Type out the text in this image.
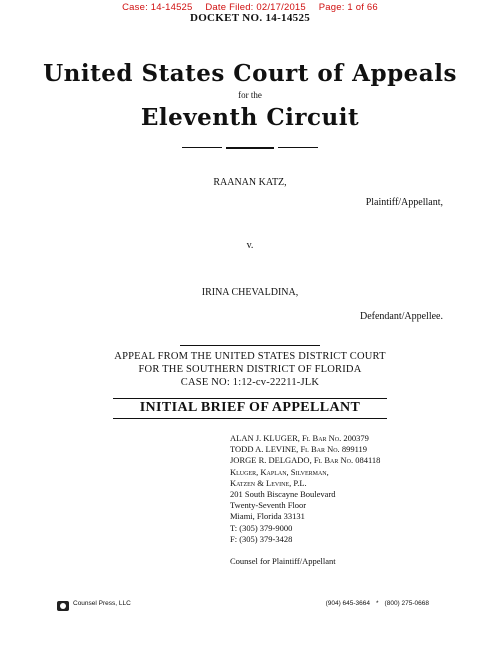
Case: 14-14525 Date Filed: 02/17/2015 Page: 1 of 66
DOCKET NO. 14-14525
United States Court of Appeals
for the
Eleventh Circuit
RAANAN KATZ,
Plaintiff/Appellant,
v.
IRINA CHEVALDINA,
Defendant/Appellee.
APPEAL FROM THE UNITED STATES DISTRICT COURT
FOR THE SOUTHERN DISTRICT OF FLORIDA
CASE NO: 1:12-cv-22211-JLK
INITIAL BRIEF OF APPELLANT
ALAN J. KLUGER, Fl Bar No. 200379
TODD A. LEVINE, Fl Bar No. 899119
JORGE R. DELGADO, Fl Bar No. 084118
Kluger, Kaplan, Silverman,
Katzen & Levine, P.L.
201 South Biscayne Boulevard
Twenty-Seventh Floor
Miami, Florida 33131
T: (305) 379-9000
F: (305) 379-3428
Counsel for Plaintiff/Appellant
Counsel Press, LLC	(904) 645-3664 * (800) 275-0668
